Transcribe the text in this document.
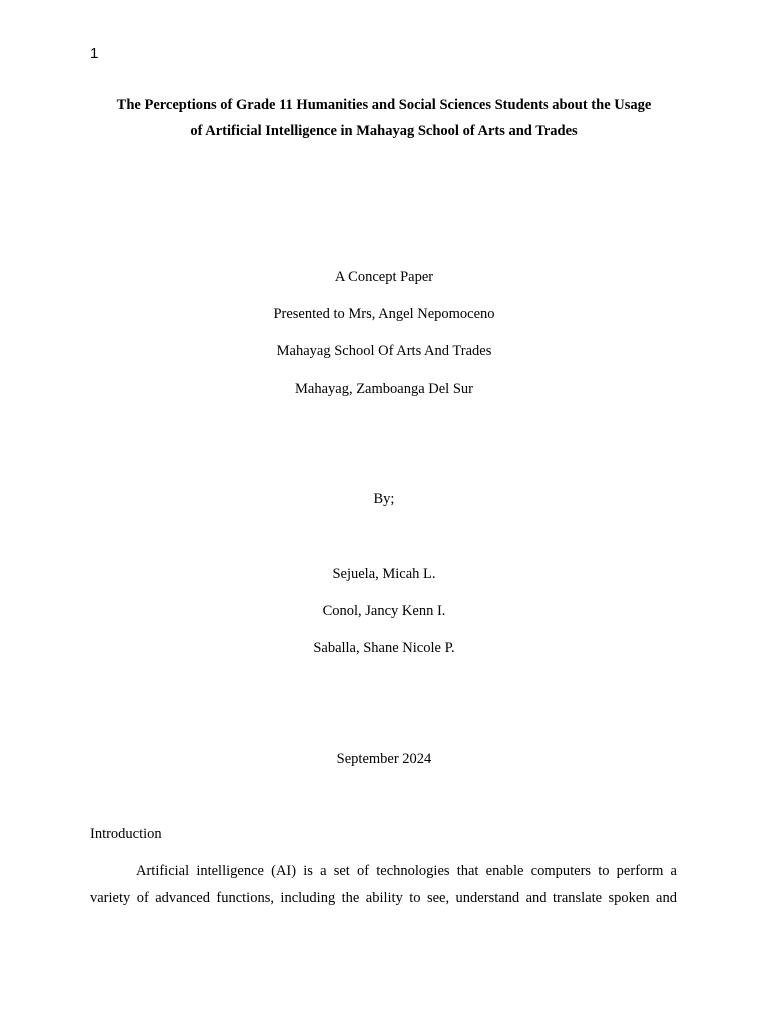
1
The Perceptions of Grade 11 Humanities and Social Sciences Students about the Usage
of Artificial Intelligence in Mahayag School of Arts and Trades
A Concept Paper
Presented to Mrs, Angel Nepomoceno
Mahayag School Of Arts And Trades
Mahayag, Zamboanga Del Sur
By;
Sejuela, Micah L.
Conol, Jancy Kenn I.
Saballa, Shane Nicole P.
September 2024
Introduction

Artificial intelligence (AI) is a set of technologies that enable computers to perform a
variety of advanced functions, including the ability to see, understand and translate spoken and
